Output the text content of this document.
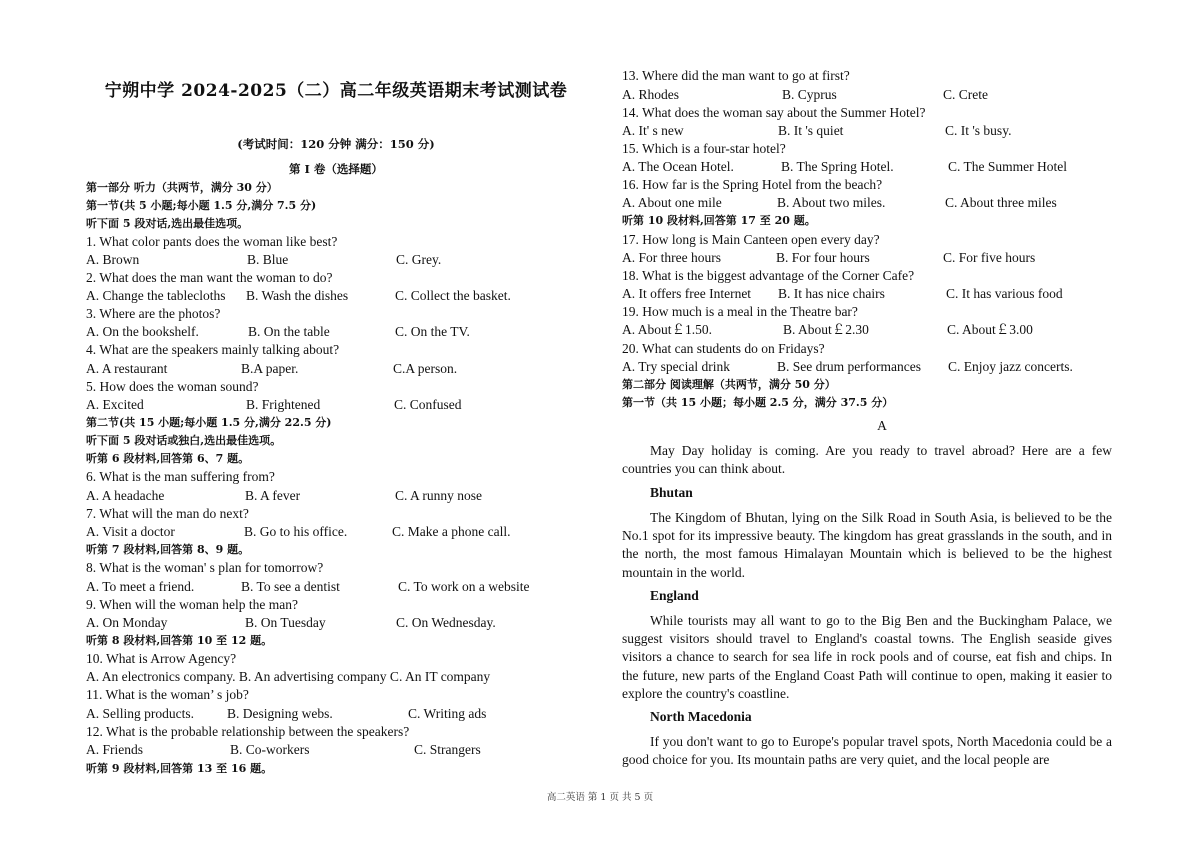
宁朔中学 2024-2025（二）高二年级英语期末考试测试卷
(考试时间：120 分钟 满分：150 分)
第 I 卷（选择题）
第一部分 听力（共两节，满分 30 分）
第一节(共 5 小题;每小题 1.5 分,满分 7.5 分)
听下面 5 段对话,选出最佳选项。
1. What color pants does the woman like best?
A. Brown	B. Blue	C. Grey.
2. What does the man want the woman to do?
A. Change the tablecloths B. Wash the dishes	C. Collect the basket.
3. Where are the photos?
A. On the bookshelf.	B. On the table	C. On the TV.
4. What are the speakers mainly talking about?
A. A restaurant	B.A paper.	C.A person.
5. How does the woman sound?
A. Excited	B. Frightened	C. Confused
第二节(共 15 小题;每小题 1.5 分,满分 22.5 分)
听下面 5 段对话或独白,选出最佳选项。
听第 6 段材料,回答第 6、7 题。
6. What is the man suffering from?
A. A headache	B. A fever	C. A runny nose
7. What will the man do next?
A. Visit a doctor	B. Go to his office.	C. Make a phone call.
听第 7 段材料,回答第 8、9 题。
8. What is the woman' s plan for tomorrow?
A. To meet a friend.	B. To see a dentist	C. To work on a website
9. When will the woman help the man?
A. On Monday	B. On Tuesday	C. On Wednesday.
听第 8 段材料,回答第 10 至 12 题。
10. What is Arrow Agency?
A. An electronics company. B. An advertising company C. An IT company
11. What is the woman’ s job?
A. Selling products. B. Designing webs.	C. Writing ads
12. What is the probable relationship between the speakers?
A. Friends	B. Co-workers	C. Strangers
听第 9 段材料,回答第 13 至 16 题。
13. Where did the man want to go at first?
A. Rhodes	B. Cyprus	C. Crete
14. What does the woman say about the Summer Hotel?
A. It' s new	B. It 's quiet	C. It 's busy.
15. Which is a four-star hotel?
A. The Ocean Hotel.	B. The Spring Hotel.	C. The Summer Hotel
16. How far is the Spring Hotel from the beach?
A. About one mile	B. About two miles.	C. About three miles
听第 10 段材料,回答第 17 至 20 题。
17. How long is Main Canteen open every day?
A. For three hours	B. For four hours	C. For five hours
18. What is the biggest advantage of the Corner Cafe?
A. It offers free Internet B. It has nice chairs	C. It has various food
19. How much is a meal in the Theatre bar?
A. About￡1.50.	B. About￡2.30	C. About￡3.00
20. What can students do on Fridays?
A. Try special drink	B. See drum performances C. Enjoy jazz concerts.
第二部分 阅读理解（共两节，满分 50 分）
第一节（共 15 小题；每小题 2.5 分，满分 37.5 分）
A
May Day holiday is coming. Are you ready to travel abroad? Here are a few countries you can think about.
Bhutan
The Kingdom of Bhutan, lying on the Silk Road in South Asia, is believed to be the No.1 spot for its impressive beauty. The kingdom has great grasslands in the south, and in the north, the most famous Himalayan Mountain which is believed to be the highest mountain in the world.
England
While tourists may all want to go to the Big Ben and the Buckingham Palace, we suggest visitors should travel to England's coastal towns. The English seaside gives visitors a chance to search for sea life in rock pools and of course, eat fish and chips. In the future, new parts of the England Coast Path will continue to open, making it easier to explore the country's coastline.
North Macedonia
If you don't want to go to Europe's popular travel spots, North Macedonia could be a good choice for you. Its mountain paths are very quiet, and the local people are
高二英语 第 1 页 共 5 页
